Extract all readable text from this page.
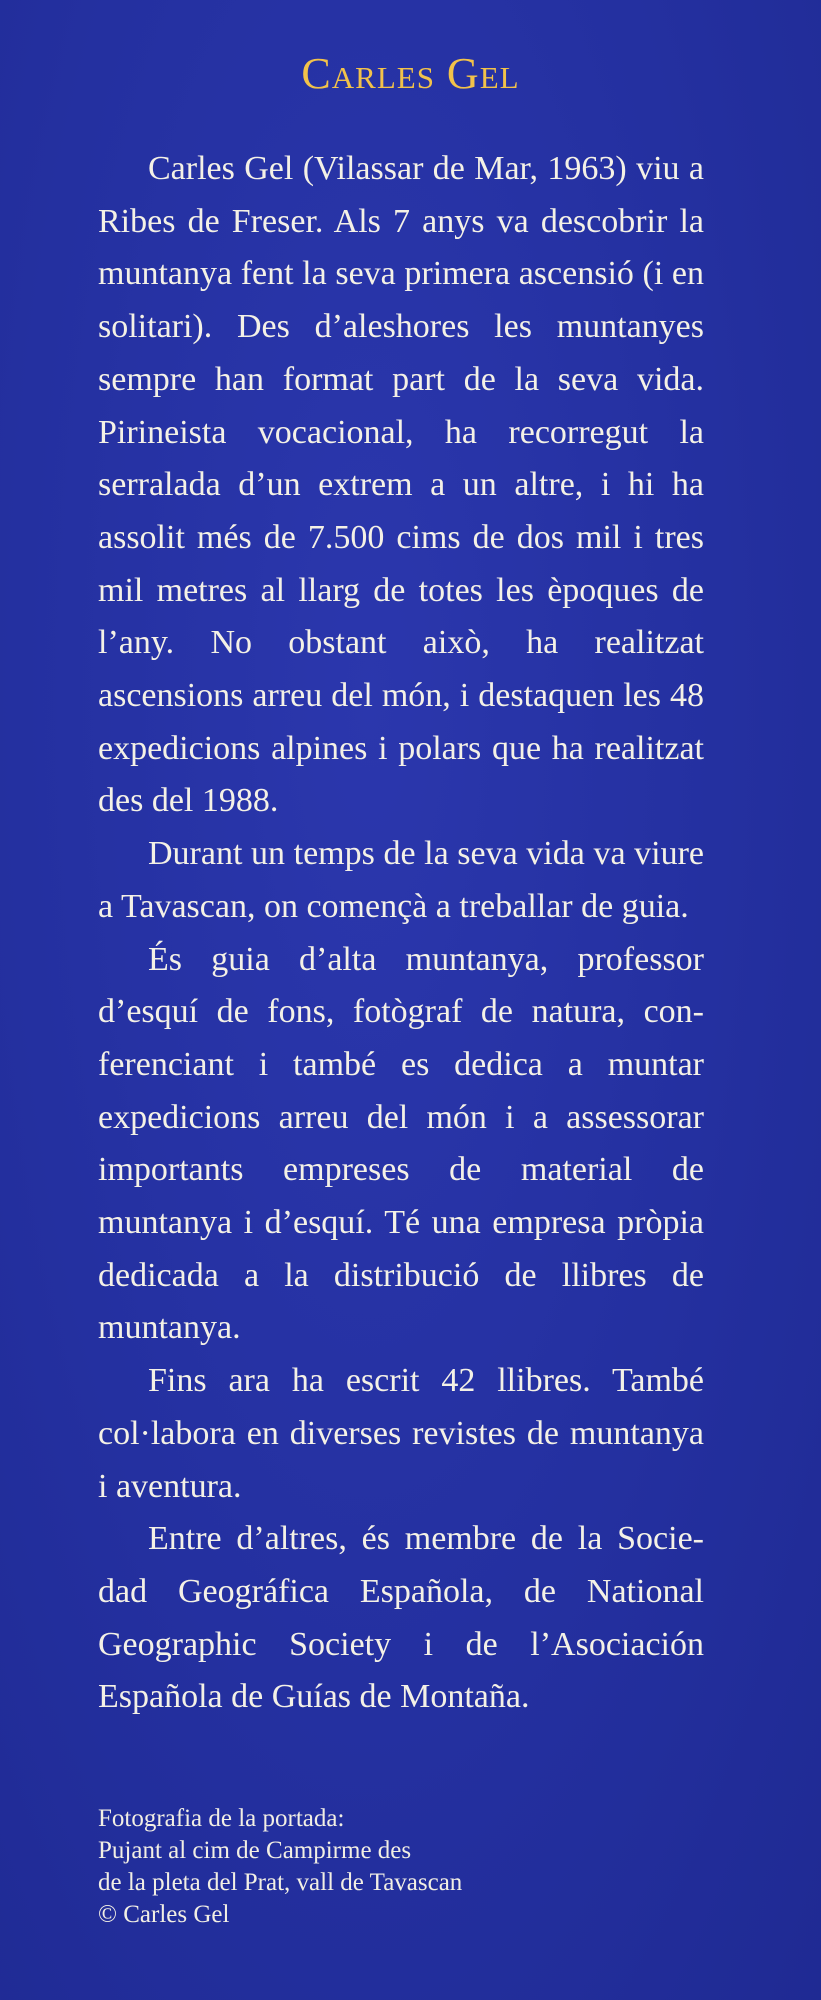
Carles Gel

Carles Gel (Vilassar de Mar, 1963) viu a Ribes de Freser. Als 7 anys va descobrir la muntanya fent la seva primera ascensió (i en solitari). Des d’aleshores les muntanyes sempre han format part de la seva vida. Pirineista vocacional, ha recorregut la serralada d’un extrem a un altre, i hi ha assolit més de 7.500 cims de dos mil i tres mil metres al llarg de totes les èpoques de l’any. No obstant això, ha realitzat ascensions arreu del món, i destaquen les 48 expedicions alpines i polars que ha realitzat des del 1988.

Durant un temps de la seva vida va viure a Tavascan, on començà a treballar de guia.

És guia d’alta muntanya, professor d’esquí de fons, fotògraf de natura, conferenciant i també es dedica a muntar expedicions arreu del món i a assessorar importants empreses de material de muntanya i d’esquí. Té una empresa pròpia dedicada a la distribució de llibres de muntanya.

Fins ara ha escrit 42 llibres. També col·labora en diverses revistes de muntanya i aventura.

Entre d’altres, és membre de la Sociedad Geográfica Española, de National Geographic Society i de l’Asociación Española de Guías de Montaña.

Fotografia de la portada:
Pujant al cim de Campirme des
de la pleta del Prat, vall de Tavascan
© Carles Gel
